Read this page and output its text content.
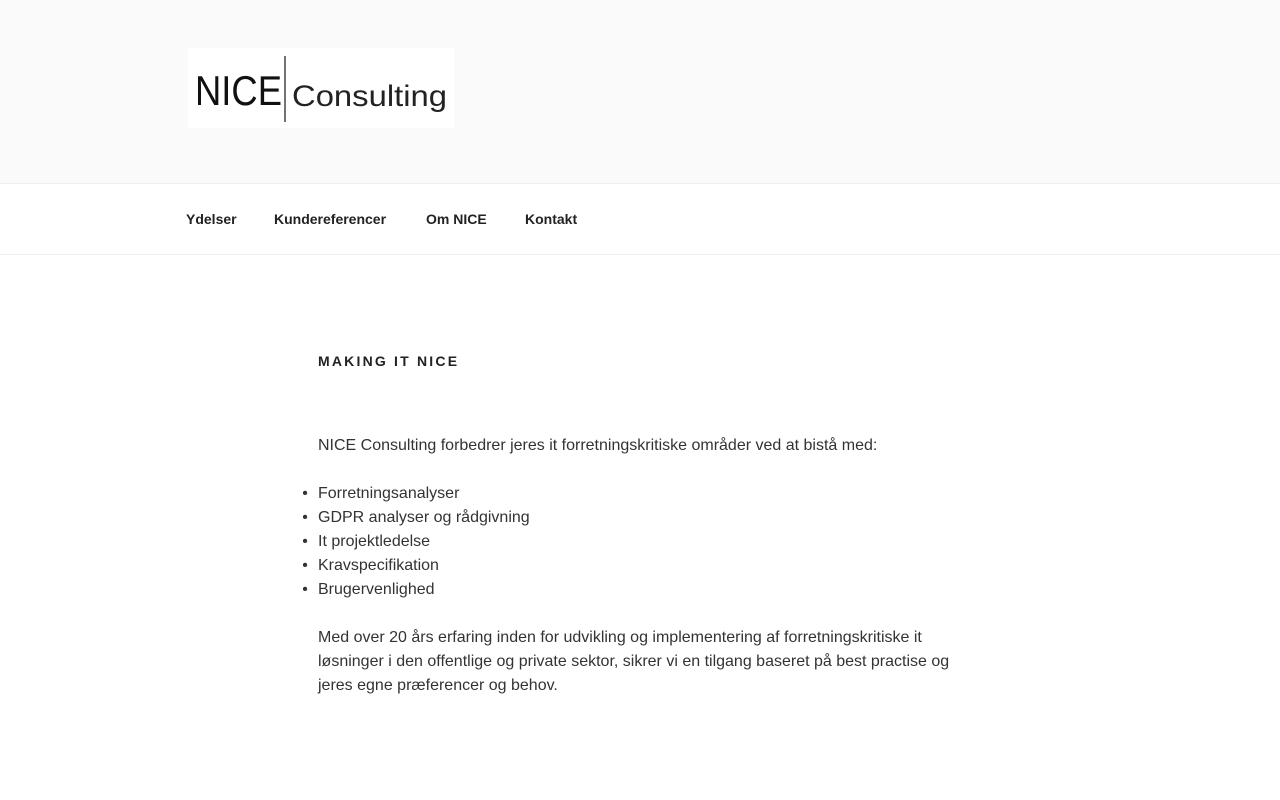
NICE Consulting
Ydelser	Kundereferencer	Om NICE	Kontakt
MAKING IT NICE

NICE Consulting forbedrer jeres it forretningskritiske områder ved at bistå med:

• Forretningsanalyser
• GDPR analyser og rådgivning
• It projektledelse
• Kravspecifikation
• Brugervenlighed

Med over 20 års erfaring inden for udvikling og implementering af forretningskritiske it løsninger i den offentlige og private sektor, sikrer vi en tilgang baseret på best practise og jeres egne præferencer og behov.
